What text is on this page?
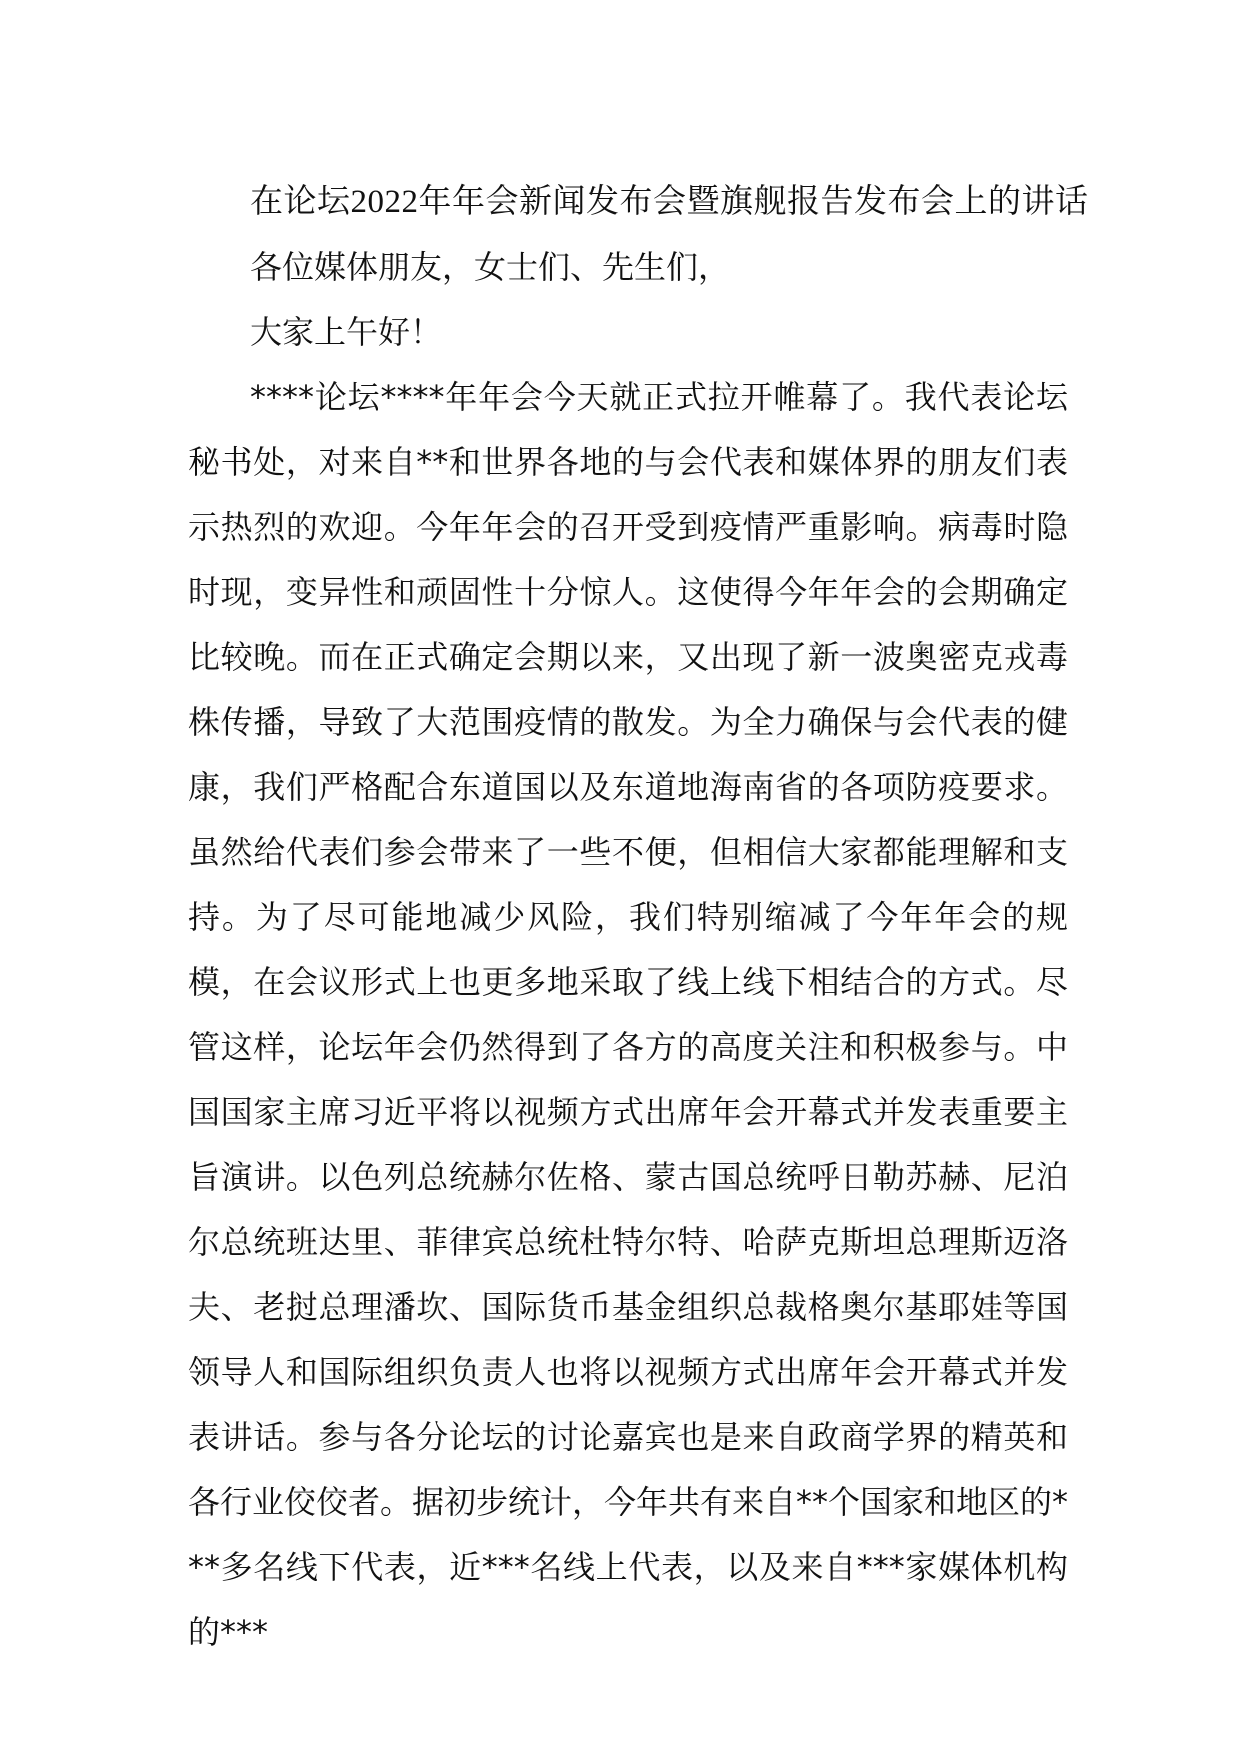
在论坛2022年年会新闻发布会暨旗舰报告发布会上的讲话

各位媒体朋友，女士们、先生们，

大家上午好！

****论坛****年年会今天就正式拉开帷幕了。我代表论坛秘书处，对来自**和世界各地的与会代表和媒体界的朋友们表示热烈的欢迎。今年年会的召开受到疫情严重影响。病毒时隐时现，变异性和顽固性十分惊人。这使得今年年会的会期确定比较晚。而在正式确定会期以来，又出现了新一波奥密克戎毒株传播，导致了大范围疫情的散发。为全力确保与会代表的健康，我们严格配合东道国以及东道地海南省的各项防疫要求。虽然给代表们参会带来了一些不便，但相信大家都能理解和支持。为了尽可能地减少风险，我们特别缩减了今年年会的规模，在会议形式上也更多地采取了线上线下相结合的方式。尽管这样，论坛年会仍然得到了各方的高度关注和积极参与。中国国家主席习近平将以视频方式出席年会开幕式并发表重要主旨演讲。以色列总统赫尔佐格、蒙古国总统呼日勒苏赫、尼泊尔总统班达里、菲律宾总统杜特尔特、哈萨克斯坦总理斯迈洛夫、老挝总理潘坎、国际货币基金组织总裁格奥尔基耶娃等国领导人和国际组织负责人也将以视频方式出席年会开幕式并发表讲话。参与各分论坛的讨论嘉宾也是来自政商学界的精英和各行业佼佼者。据初步统计，今年共有来自**个国家和地区的***多名线下代表，近***名线上代表，以及来自***家媒体机构的***
